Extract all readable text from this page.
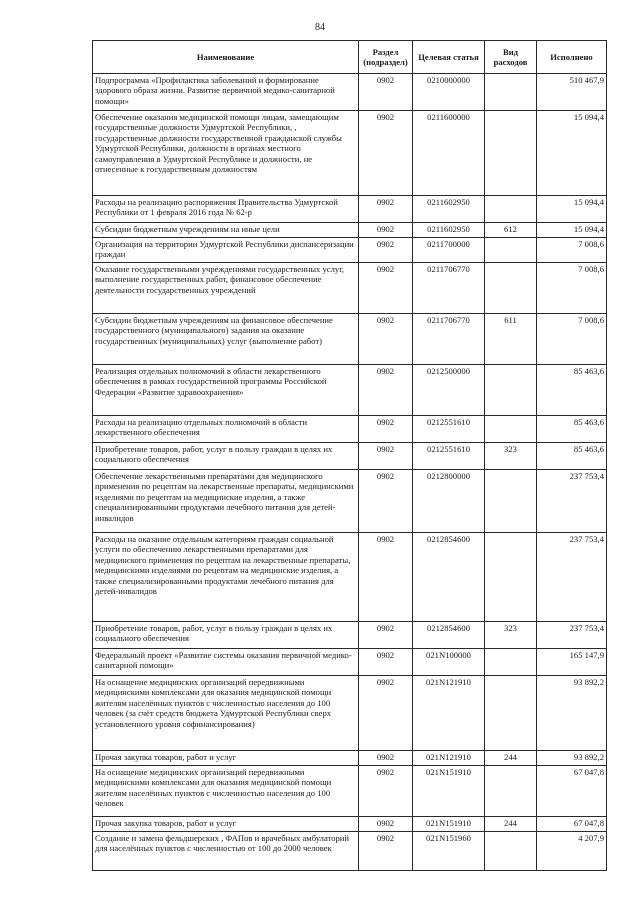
84
Наименование	Раздел (подраздел)	Целевая статья	Вид расходов	Исполнено
Подпрограмма «Профилактика заболеваний и формирование здорового образа жизни. Развитие первичной медико-санитарной помощи»	0902	0210000000		510 467,9
Обеспечение оказания медицинской помощи лицам, замещающим государственные должности Удмуртской Республики, , государственные должности государственной гражданской службы Удмуртской Республики, должности в органах местного самоуправления в Удмуртской Республике и должности, не отнесенные к государственным должностям	0902	0211600000		15 094,4
Расходы на реализацию распоряжения Правительства Удмуртской Республики от 1 февраля 2016 года № 62-р	0902	0211602950		15 094,4
Субсидии бюджетным учреждениям на иные цели	0902	0211602950	612	15 094,4
Организация на территории Удмуртской Республики диспансеризации граждан	0902	0211700000		7 008,6
Оказание государственными учреждениями государственных услуг, выполнение государственных работ, финансовое обеспечение деятельности государственных учреждений	0902	0211706770		7 008,6
Субсидии бюджетным учреждениям на финансовое обеспечение государственного (муниципального) задания на оказание государственных (муниципальных) услуг (выполнение работ)	0902	0211706770	611	7 008,6
Реализация отдельных полномочий в области лекарственного обеспечения в рамках государственной программы Российской Федерации «Развитие здравоохранения»	0902	0212500000		85 463,6
Расходы на реализацию отдельных полномочий в области лекарственного обеспечения	0902	0212551610		85 463,6
Приобретение товаров, работ, услуг в пользу граждан в целях их социального обеспечения	0902	0212551610	323	85 463,6
Обеспечение лекарственными препаратами для медицинского применения по рецептам на лекарственные препараты, медицинскими изделиями по рецептам на медицинские изделия, а также специализированными продуктами лечебного питания для детей-инвалидов	0902	0212800000		237 753,4
Расходы на оказание отдельным категориям граждан социальной услуги по обеспечению лекарственными препаратами для медицинского применения по рецептам на лекарственные препараты, медицинскими изделиями по рецептам на медицинские изделия, а также специализированными продуктами лечебного питания для детей-инвалидов	0902	0212854600		237 753,4
Приобретение товаров, работ, услуг в пользу граждан в целях их социального обеспечения	0902	0212854600	323	237 753,4
Федеральный проект «Развитие системы оказания первичной медико-санитарной помощи»	0902	021N100000		165 147,9
На оснащение медицинских организаций передвижными медицинскими комплексами для оказания медицинской помощи жителям населённых пунктов с численностью населения до 100 человек (за счёт средств бюджета Удмуртской Республики сверх установленного уровня софинансирования)	0902	021N121910		93 892,2
Прочая закупка товаров, работ и услуг	0902	021N121910	244	93 892,2
На оснащение медицинских организаций передвижными медицинскими комплексами для оказания медицинской помощи жителям населённых пунктов с численностью населения до 100 человек	0902	021N151910		67 047,8
Прочая закупка товаров, работ и услуг	0902	021N151910	244	67 047,8
Создание и замена фельдшерских , ФАПов и врачебных амбулаторий для населённых пунктов с численностью от 100 до 2000 человек	0902	021N151960		4 207,9
